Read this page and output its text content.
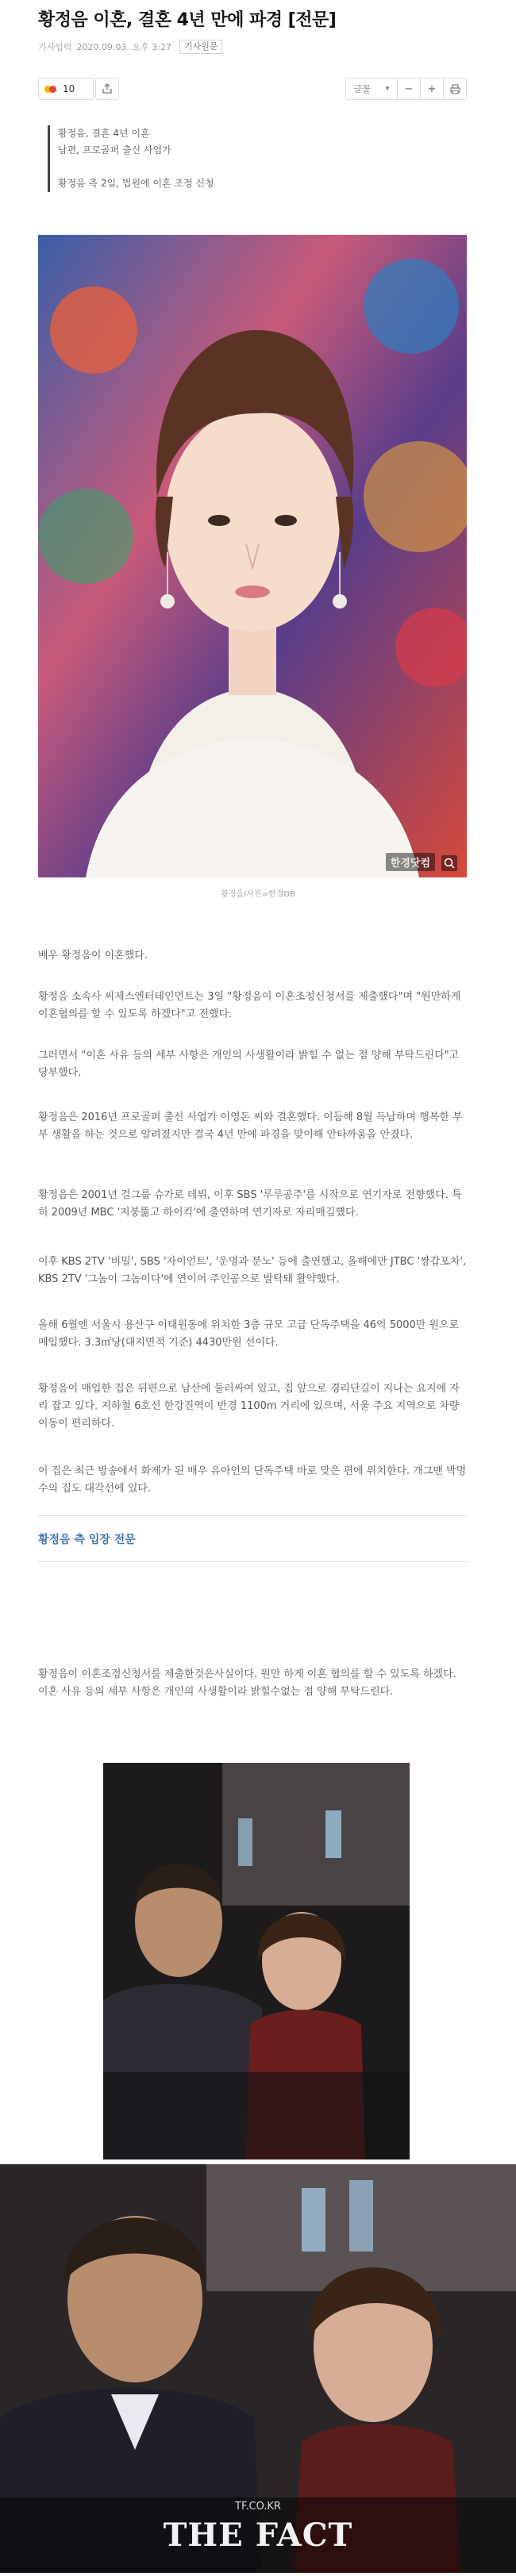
황정음 이혼, 결혼 4년 만에 파경 [전문]
기사입력 2020.09.03. 오후 3:27	기사원문
10	글꼴 ▾ − +
황정음, 결혼 4년 이혼
남편, 프로골퍼 출신 사업가
황정음 측 2일, 법원에 이혼 조정 신청
한경닷컴
황정음/사진=한경DB

배우 황정음이 이혼했다.

황정음 소속사 씨제스엔터테인먼트는 3일 "황정음이 이혼조정신청서를 제출했다"며 "원만하게 이혼협의를 할 수 있도록 하겠다"고 전했다.

그러면서 "이혼 사유 등의 세부 사항은 개인의 사생활이라 밝힐 수 없는 점 양해 부탁드린다"고 당부했다.

황정음은 2016년 프로골퍼 출신 사업가 이영돈 씨와 결혼했다. 이듬해 8월 득남하며 행복한 부부 생활을 하는 것으로 알려졌지만 결국 4년 만에 파경을 맞이해 안타까움을 안겼다.

황정음은 2001년 걸그룹 슈가로 데뷔, 이후 SBS '루루공주'를 시작으로 연기자로 전향했다. 특히 2009년 MBC '지붕뚫고 하이킥'에 출연하며 연기자로 자리매김했다.

이후 KBS 2TV '비밀', SBS '자이언트', '운명과 분노' 등에 출연했고, 올해에만 JTBC '쌍갑포차', KBS 2TV '그놈이 그놈이다'에 연이어 주인공으로 발탁돼 활약했다.

올해 6월엔 서울시 용산구 이태원동에 위치한 3층 규모 고급 단독주택을 46억 5000만 원으로 매입했다. 3.3㎡당(대지면적 기준) 4430만원 선이다.

황정음이 매입한 집은 뒤편으로 남산에 둘러싸여 있고, 집 앞으로 경리단길이 지나는 요지에 자리 잡고 있다. 지하철 6호선 한강진역이 반경 1100m 거리에 있으며, 서울 주요 지역으로 차량 이동이 편리하다.

이 집은 최근 방송에서 화제가 된 배우 유아인의 단독주택 바로 맞은 편에 위치한다. 개그맨 박명수의 집도 대각선에 있다.

황정음 측 입장 전문

황정음이 이혼조정신청서를 제출한것은사실이다. 원만 하게 이혼 협의를 할 수 있도록 하겠다. 이혼 사유 등의 세부 사항은 개인의 사생활이라 밝힐수없는 점 양해 부탁드린다.

TF.CO.KR
THE FACT
